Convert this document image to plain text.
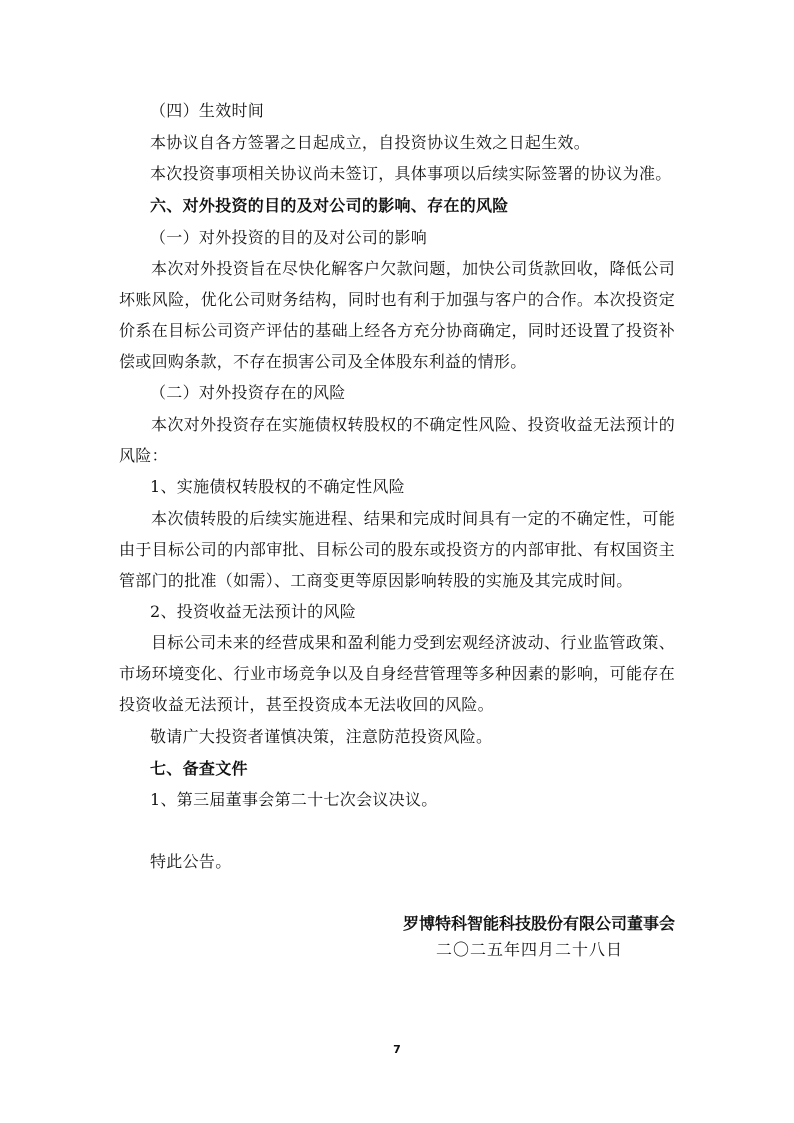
（四）生效时间
本协议自各方签署之日起成立，自投资协议生效之日起生效。
本次投资事项相关协议尚未签订，具体事项以后续实际签署的协议为准。
六、对外投资的目的及对公司的影响、存在的风险
（一）对外投资的目的及对公司的影响
本次对外投资旨在尽快化解客户欠款问题，加快公司货款回收，降低公司坏账风险，优化公司财务结构，同时也有利于加强与客户的合作。本次投资定价系在目标公司资产评估的基础上经各方充分协商确定，同时还设置了投资补偿或回购条款，不存在损害公司及全体股东利益的情形。
（二）对外投资存在的风险
本次对外投资存在实施债权转股权的不确定性风险、投资收益无法预计的风险：
1、实施债权转股权的不确定性风险
本次债转股的后续实施进程、结果和完成时间具有一定的不确定性，可能由于目标公司的内部审批、目标公司的股东或投资方的内部审批、有权国资主管部门的批准（如需）、工商变更等原因影响转股的实施及其完成时间。
2、投资收益无法预计的风险
目标公司未来的经营成果和盈利能力受到宏观经济波动、行业监管政策、市场环境变化、行业市场竞争以及自身经营管理等多种因素的影响，可能存在投资收益无法预计，甚至投资成本无法收回的风险。
敬请广大投资者谨慎决策，注意防范投资风险。
七、备查文件
1、第三届董事会第二十七次会议决议。
特此公告。
罗博特科智能科技股份有限公司董事会
二〇二五年四月二十八日
7
